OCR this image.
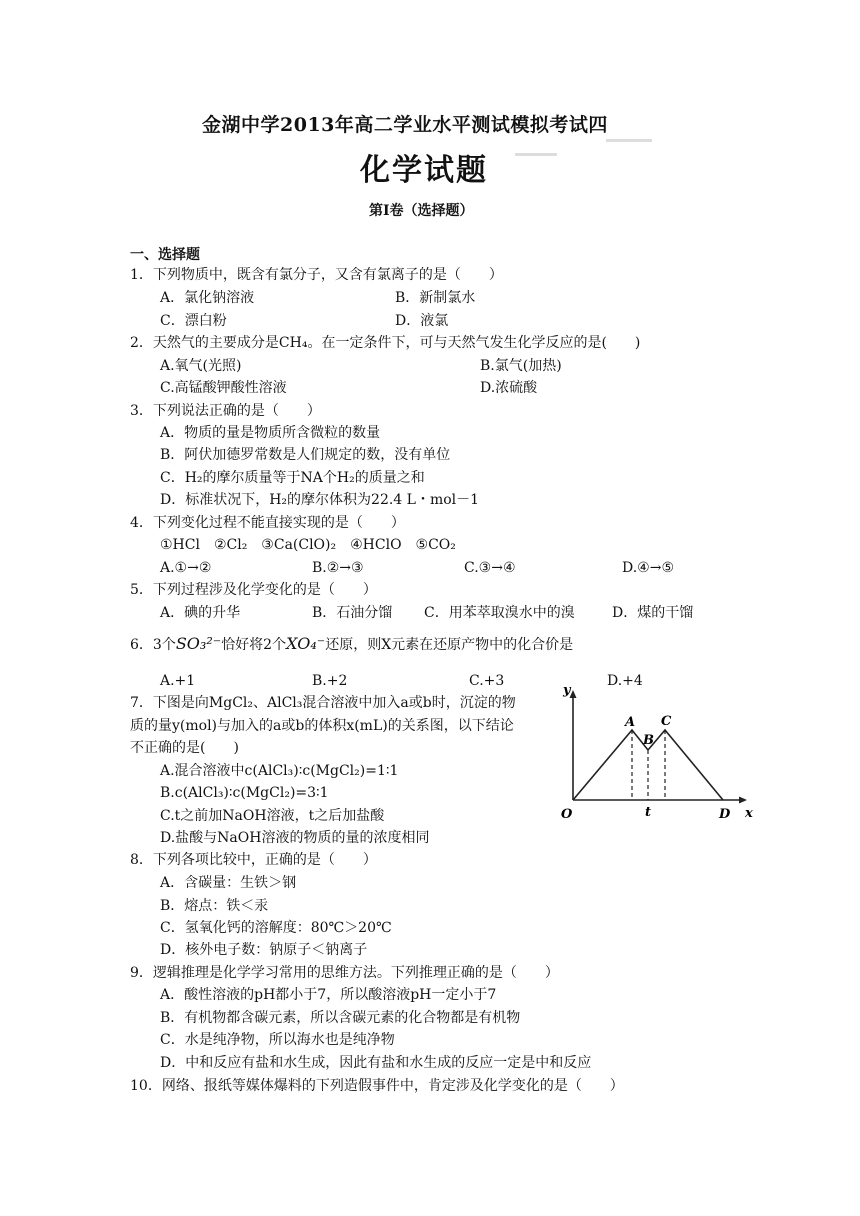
金湖中学2013年高二学业水平测试模拟考试四
化学试题
第Ⅰ卷（选择题）
一、选择题
1．下列物质中，既含有氯分子，又含有氯离子的是（　　）
A．氯化钠溶液	B．新制氯水
C．漂白粉	D．液氯
2．天然气的主要成分是CH₄。在一定条件下，可与天然气发生化学反应的是(　　)
A.氧气(光照)	B.氯气(加热)
C.高锰酸钾酸性溶液	D.浓硫酸
3．下列说法正确的是（　　）
A．物质的量是物质所含微粒的数量
B．阿伏加德罗常数是人们规定的数，没有单位
C．H₂的摩尔质量等于NA个H₂的质量之和
D．标准状况下，H₂的摩尔体积为22.4 L・mol－1
4．下列变化过程不能直接实现的是（　　）
①HCl　②Cl₂　③Ca(ClO)₂　④HClO　⑤CO₂
A.①→②	B.②→③	C.③→④	D.④→⑤
5．下列过程涉及化学变化的是（　　）
A．碘的升华	B．石油分馏 C．用苯萃取溴水中的溴	D．煤的干馏
6．3个SO₃²⁻恰好将2个XO₄⁻还原，则X元素在还原产物中的化合价是
A.+1	B.+2	C.+3	D.+4
7．下图是向MgCl₂、AlCl₃混合溶液中加入a或b时，沉淀的物
质的量y(mol)与加入的a或b的体积x(mL)的关系图，以下结论
不正确的是(　　)
A.混合溶液中c(AlCl₃)∶c(MgCl₂)=1∶1
B.c(AlCl₃)∶c(MgCl₂)=3∶1
C.t之前加NaOH溶液，t之后加盐酸
D.盐酸与NaOH溶液的物质的量的浓度相同
y
x
O
A
B
C
t	D
8．下列各项比较中，正确的是（　　）
A．含碳量：生铁＞钢
B．熔点：铁＜汞
C．氢氧化钙的溶解度：80℃＞20℃
D．核外电子数：钠原子＜钠离子
9．逻辑推理是化学学习常用的思维方法。下列推理正确的是（　　）
A．酸性溶液的pH都小于7，所以酸溶液pH一定小于7
B．有机物都含碳元素，所以含碳元素的化合物都是有机物
C．水是纯净物，所以海水也是纯净物
D．中和反应有盐和水生成，因此有盐和水生成的反应一定是中和反应
10．网络、报纸等媒体爆料的下列造假事件中，肯定涉及化学变化的是（　　）
